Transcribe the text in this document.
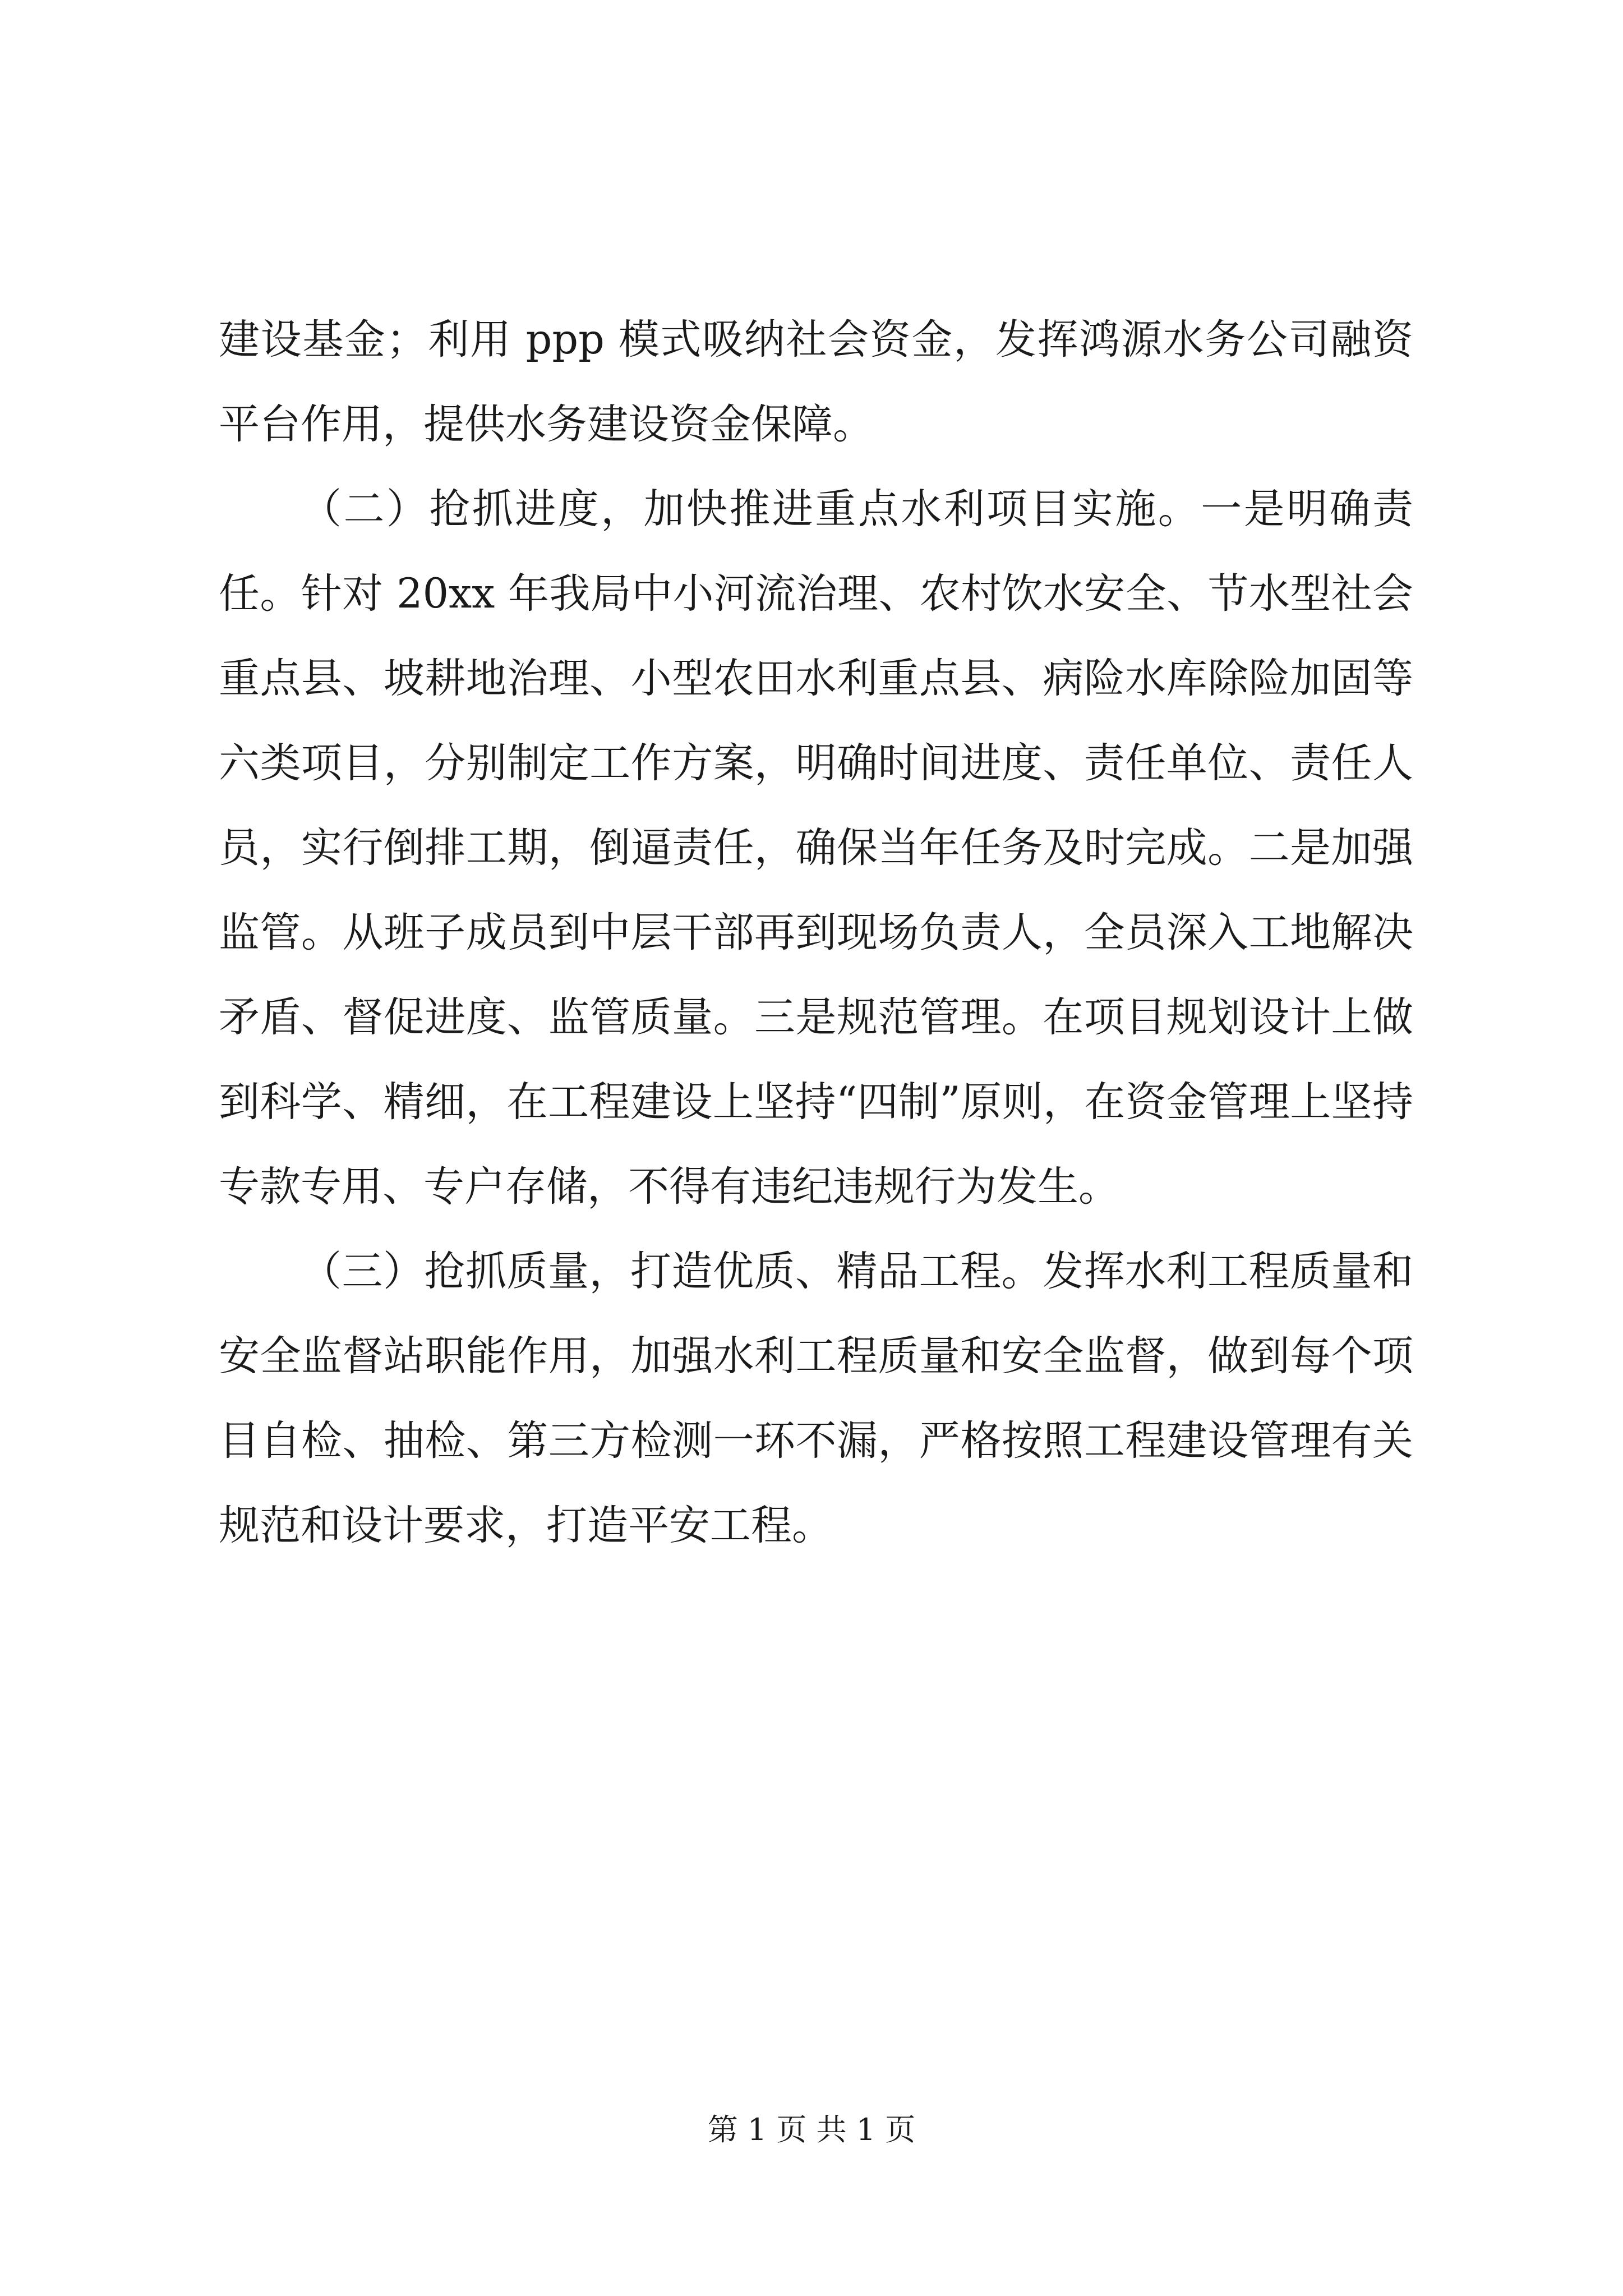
建设基金；利用 ppp 模式吸纳社会资金，发挥鸿源水务公司融资平台作用，提供水务建设资金保障。

（二）抢抓进度，加快推进重点水利项目实施。一是明确责任。针对 20xx 年我局中小河流治理、农村饮水安全、节水型社会重点县、坡耕地治理、小型农田水利重点县、病险水库除险加固等六类项目，分别制定工作方案，明确时间进度、责任单位、责任人员，实行倒排工期，倒逼责任，确保当年任务及时完成。二是加强监管。从班子成员到中层干部再到现场负责人，全员深入工地解决矛盾、督促进度、监管质量。三是规范管理。在项目规划设计上做到科学、精细，在工程建设上坚持“四制”原则，在资金管理上坚持专款专用、专户存储，不得有违纪违规行为发生。

（三）抢抓质量，打造优质、精品工程。发挥水利工程质量和安全监督站职能作用，加强水利工程质量和安全监督，做到每个项目自检、抽检、第三方检测一环不漏，严格按照工程建设管理有关规范和设计要求，打造平安工程。

第 1 页 共 1 页
